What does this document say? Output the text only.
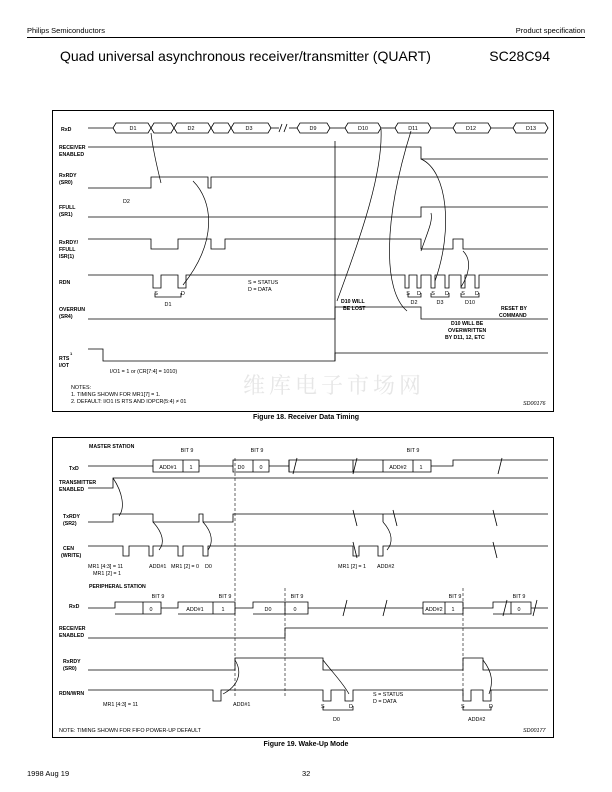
Philips Semiconductors	Product specification
Quad universal asynchronous receiver/transmitter (QUART)	SC28C94
RxD
RECEIVER
ENABLED
RxRDY
(SR0)
FFULL
(SR1)
RxRDY/
FFULL
ISR(1)
RDN
OVERRUN
(SR4)
RTS
1
I/OT
D1	D2	D3	D9	D10	D11	D12	D13
D2
S	D
D1
S D
D2
S D
D3
S D
D10
S = STATUS
D = DATA
D10 WILL
BE LOST	RESET BY
COMMAND
D10 WILL BE
OVERWRITTEN
BY D11, 12, ETC
I/O1 = 1 or (CR[7:4] = 1010)
NOTES:
1. TIMING SHOWN FOR MR1[7] = 1.
2. DEFAULT: I/O1 IS RTS AND IOPCR(5:4) ≠ 01	SD00176
维库电子市场网
Figure 18. Receiver Data Timing
MASTER STATION
TxD
TRANSMITTER
ENABLED
TxRDY
(SR2)
CEN
(WRITE)
PERIPHERAL STATION
RxD
RECEIVER
ENABLED
RxRDY
(SR0)
RDN/WRN
BIT 9	BIT 9	BIT 9
ADD#1 1	D0	0	ADD#2 1
MR1 [4:3] = 11	ADD#1 MR1 [2] = 0 D0
MR1 [2] = 1
MR1 [2] = 1 ADD#2
BIT 9	BIT 9	BIT 9	BIT 9	BIT 9
0	ADD#1	1	D0	0	ADD#2 1	0
MR1 [4:3] = 11	ADD#1	S	D
D0
S	D
ADD#2
S = STATUS
D = DATA
NOTE: TIMING SHOWN FOR FIFO POWER-UP DEFAULT	SD00177
Figure 19. Wake-Up Mode
1998 Aug 19	32
